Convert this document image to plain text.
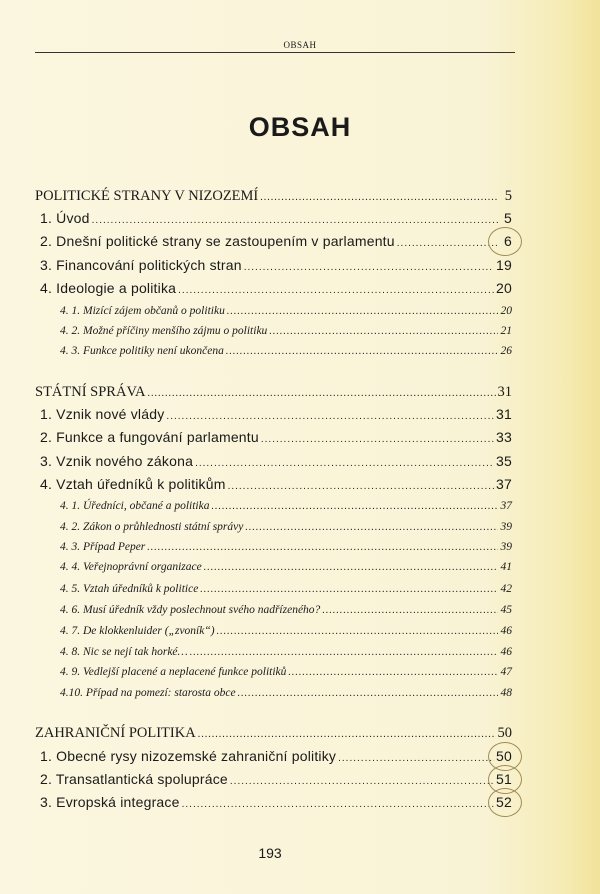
OBSAH
OBSAH
POLITICKÉ STRANY V NIZOZEMÍ .....	5
1. Úvod .....	5
2. Dnešní politické strany se zastoupením v parlamentu .....	6
3. Financování politických stran .....	19
4. Ideologie a politika .....	20
4. 1. Mizící zájem občanů o politiku .....	20
4. 2. Možné příčiny menšího zájmu o politiku .....	21
4. 3. Funkce politiky není ukončena .....	26
STÁTNÍ SPRÁVA .....	31
1. Vznik nové vlády .....	31
2. Funkce a fungování parlamentu .....	33
3. Vznik nového zákona .....	35
4. Vztah úředníků k politikům .....	37
4. 1. Úředníci, občané a politika .....	37
4. 2. Zákon o průhlednosti státní správy .....	39
4. 3. Případ Peper .....	39
4. 4. Veřejnoprávní organizace .....	41
4. 5. Vztah úředníků k politice .....	42
4. 6. Musí úředník vždy poslechnout svého nadřízeného? .....	45
4. 7. De klokkenluider („zvoník“) .....	46
4. 8. Nic se nejí tak horké… .....	46
4. 9. Vedlejší placené a neplacené funkce politiků .....	47
4.10. Případ na pomezí: starosta obce .....	48
ZAHRANIČNÍ POLITIKA .....	50
1. Obecné rysy nizozemské zahraniční politiky .....	50
2. Transatlantická spolupráce .....	51
3. Evropská integrace .....	52
193
